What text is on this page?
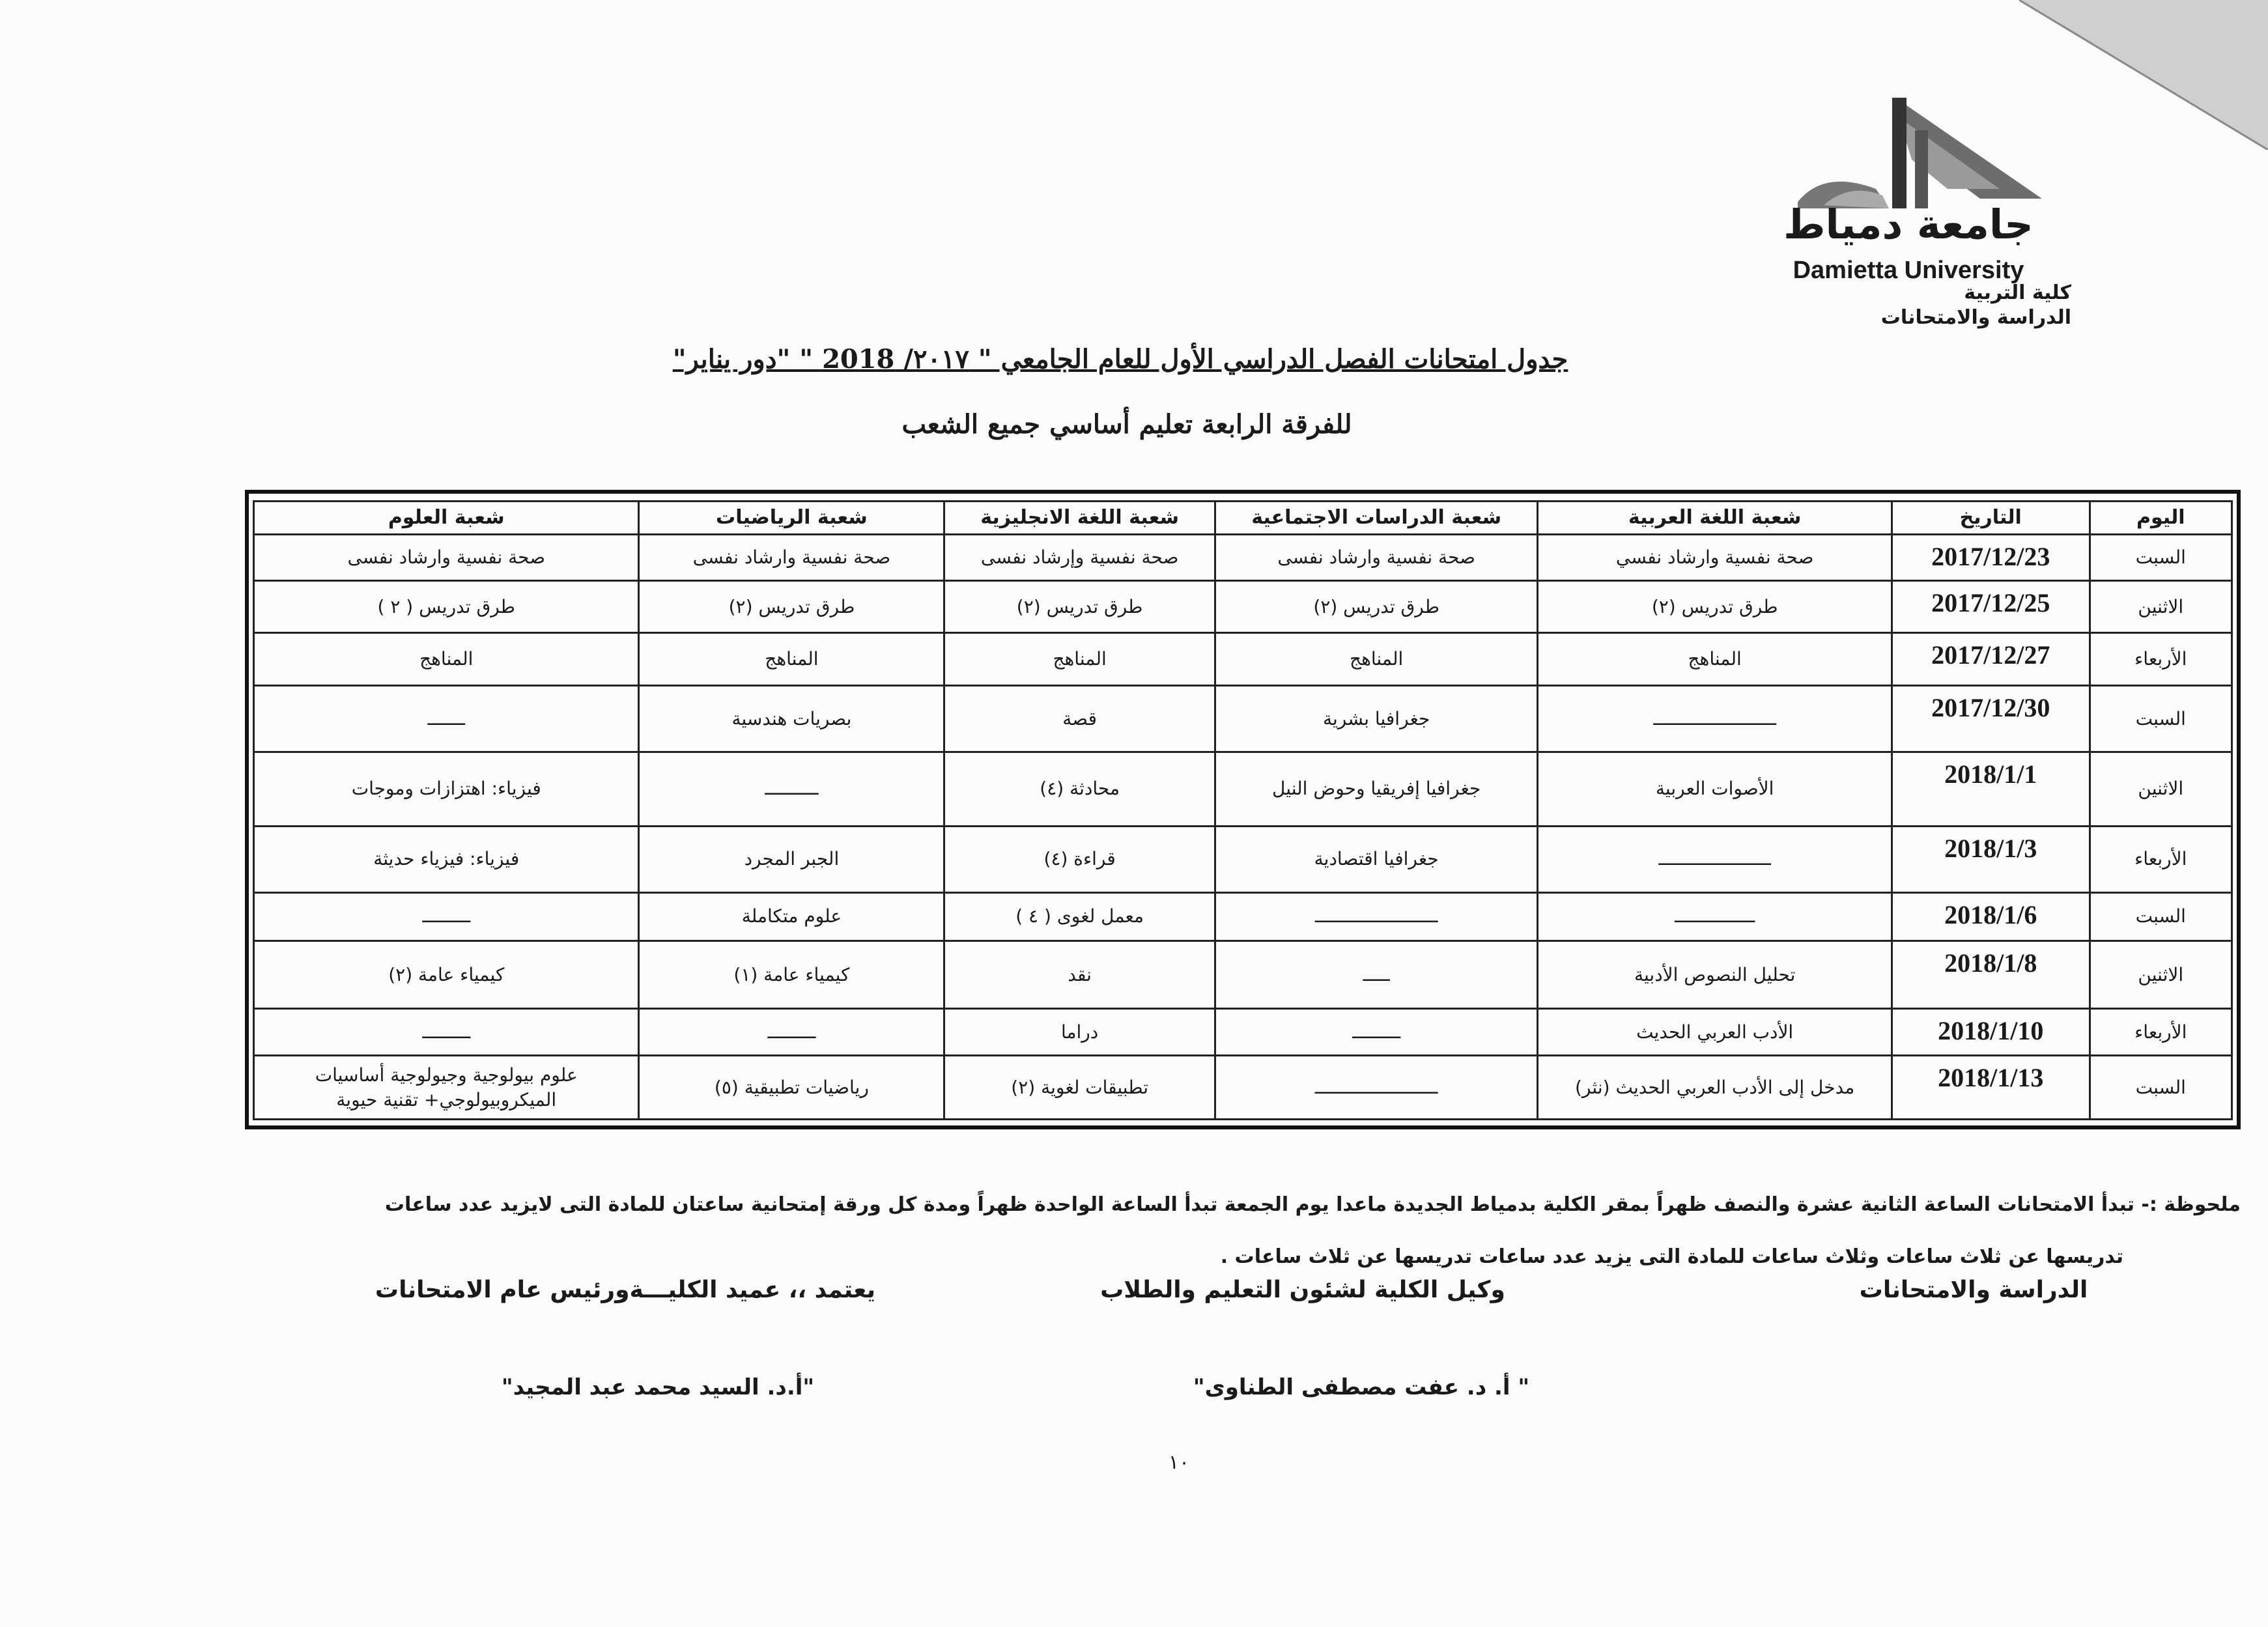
جامعة دمياط
Damietta University
كلية التربية
الدراسة والامتحانات
جدول امتحانات الفصل الدراسي الأول للعام الجامعي " ٢٠١٧/ 2018 " "دور يناير"
للفرقة الرابعة تعليم أساسي جميع الشعب
اليوم	التاريخ	شعبة اللغة العربية	شعبة الدراسات الاجتماعية	شعبة اللغة الانجليزية	شعبة الرياضيات	شعبة العلوم
السبت	2017/12/23	صحة نفسية وارشاد نفسي	صحة نفسية وارشاد نفسى	صحة نفسية وإرشاد نفسى	صحة نفسية وارشاد نفسى	صحة نفسية وارشاد نفسى
الاثنين	2017/12/25	طرق تدريس (٢)	طرق تدريس (٢)	طرق تدريس (٢)	طرق تدريس (٢)	طرق تدريس ( ٢ )
الأربعاء	2017/12/27	المناهج	المناهج	المناهج	المناهج	المناهج
السبت	2017/12/30	ـــــــــــــــــــــــ	جغرافيا بشرية	قصة	بصريات هندسية	ـــــــ
الاثنين	2018/1/1	الأصوات العربية	جغرافيا إفريقيا وحوض النيل	محادثة (٤)	ــــــــــ	فيزياء: اهتزازات وموجات
الأربعاء	2018/1/3	ـــــــــــــــــــــ	جغرافيا اقتصادية	قراءة (٤)	الجبر المجرد	فيزياء: فيزياء حديثة
السبت	2018/1/6	ـــــــــــــــ	ـــــــــــــــــــــــ	معمل لغوى ( ٤ )	علوم متكاملة	ـــــــــ
الاثنين	2018/1/8	تحليل النصوص الأدبية	ـــــ	نقد	كيمياء عامة (١)	كيمياء عامة (٢)
الأربعاء	2018/1/10	الأدب العربي الحديث	ـــــــــ	دراما	ـــــــــ	ـــــــــ
السبت	2018/1/13	مدخل إلى الأدب العربي الحديث (نثر)	ـــــــــــــــــــــــ	تطبيقات لغوية (٢)	رياضيات تطبيقية (٥)	علوم بيولوجية وجيولوجية أساسيات الميكروبيولوجي+ تقنية حيوية
ملحوظة :- تبدأ الامتحانات الساعة الثانية عشرة والنصف ظهراً بمقر الكلية بدمياط الجديدة ماعدا يوم الجمعة تبدأ الساعة الواحدة ظهراً ومدة كل ورقة إمتحانية ساعتان للمادة التى لايزيد عدد ساعات
تدريسها عن ثلاث ساعات وثلاث ساعات للمادة التى يزيد عدد ساعات تدريسها عن ثلاث ساعات .
الدراسة والامتحانات
وكيل الكلية لشئون التعليم والطلاب
يعتمد ،، عميد الكليـــةورئيس عام الامتحانات
" أ. د. عفت مصطفى الطناوى"
"أ.د. السيد محمد عبد المجيد"
١٠
